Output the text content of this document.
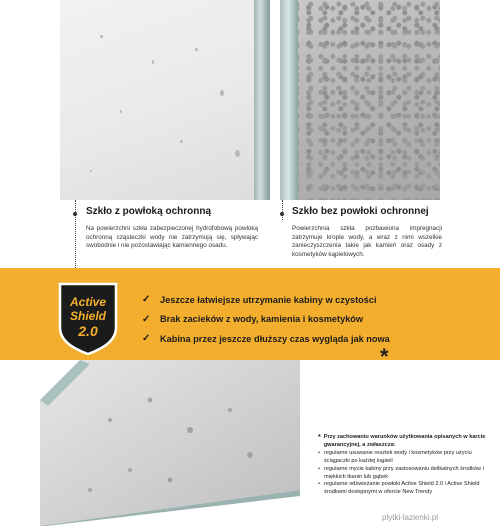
Szkło z powłoką ochronną
Na powierzchni szkła zabezpieczonej hydrofobową powłoką ochronną cząsteczki wody nie zatrzymują się, spływając swobodnie i nie pozostawiając kamiennego osadu.
Szkło bez powłoki ochronnej
Powierzchnia szkła pozbawiona impregnacji zatrzymuje krople wody, a wraz z nimi wszelkie zanieczyszczenia takie jak kamień oraz osady z kosmetyków kąpielowych.
Active
Shield
2.0
✓	Jeszcze łatwiejsze utrzymanie kabiny w czystości
✓	Brak zacieków z wody, kamienia i kosmetyków
✓	Kabina przez jeszcze dłuższy czas wygląda jak nowa
*
* Przy zachowaniu warunków użytkowania opisanych w karcie gwarancyjnej, a zwłaszcza:
• regularne usuwanie resztek wody i kosmetyków przy użyciu ściągaczki po każdej kąpieli
• regularne mycie kabiny przy zastosowaniu delikatnych środków i miękkich tkanin lub gąbek
• regularne odświeżanie powłoki Active Shield 2.0 i Active Shield środkami dostępnymi w ofercie New Trendy
plytki-lazienki.pl
